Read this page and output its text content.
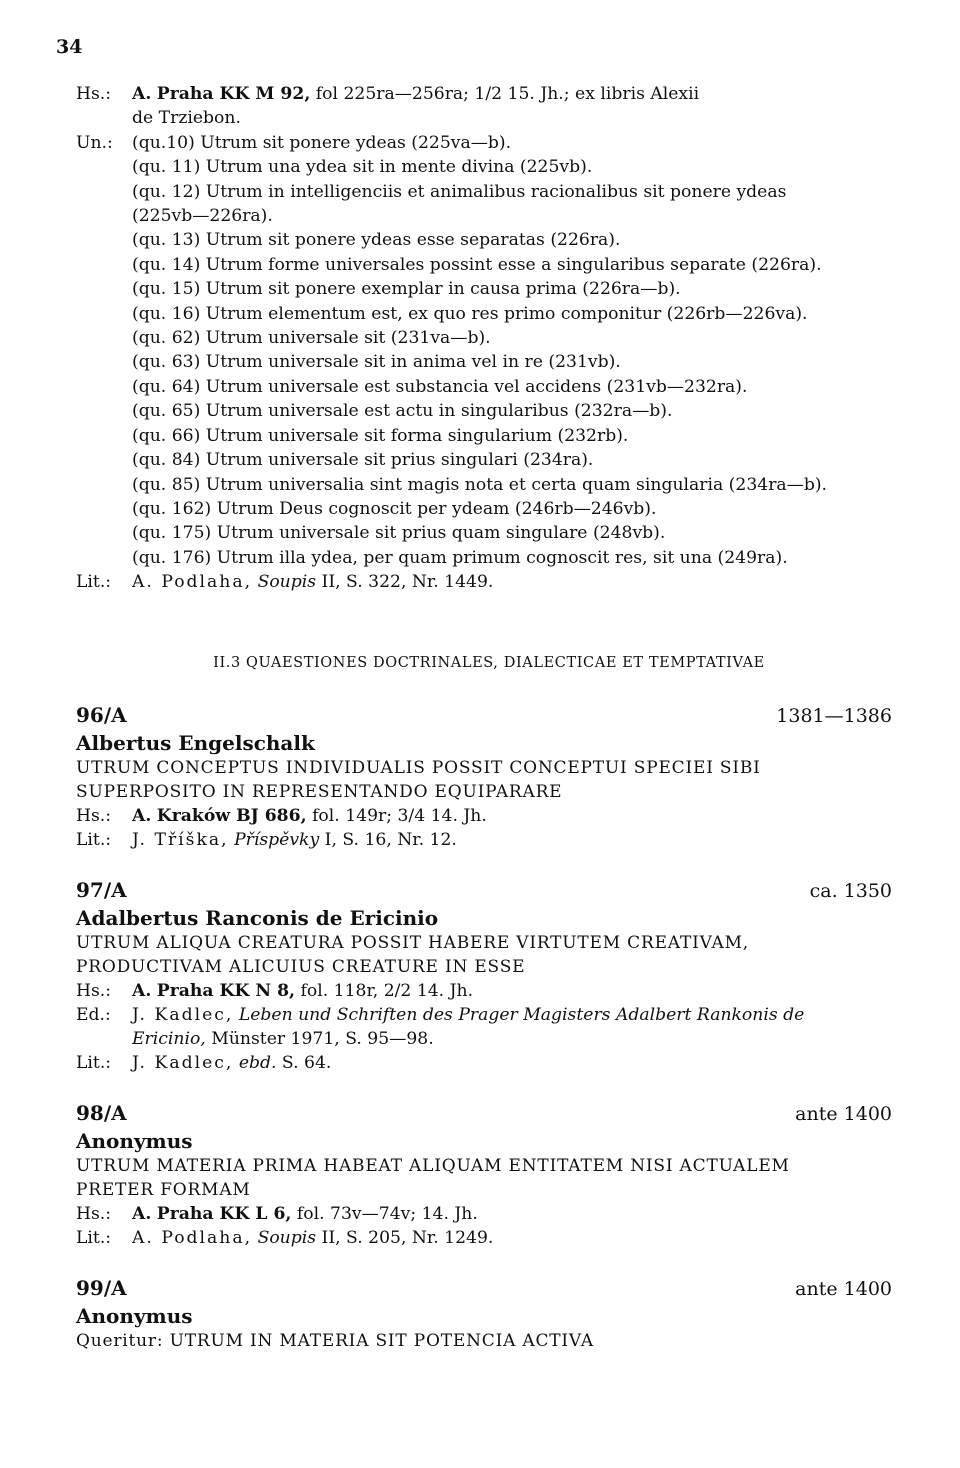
34
Hs.:	A. Praha KK M 92, fol 225ra—256ra; 1/2 15. Jh.; ex libris Alexii
de Trziebon.
Un.:	(qu.10) Utrum sit ponere ydeas (225va—b).
(qu. 11) Utrum una ydea sit in mente divina (225vb).
(qu. 12) Utrum in intelligenciis et animalibus racionalibus sit ponere ydeas
(225vb—226ra).
(qu. 13) Utrum sit ponere ydeas esse separatas (226ra).
(qu. 14) Utrum forme universales possint esse a singularibus separate (226ra).
(qu. 15) Utrum sit ponere exemplar in causa prima (226ra—b).
(qu. 16) Utrum elementum est, ex quo res primo componitur (226rb—226va).
(qu. 62) Utrum universale sit (231va—b).
(qu. 63) Utrum universale sit in anima vel in re (231vb).
(qu. 64) Utrum universale est substancia vel accidens (231vb—232ra).
(qu. 65) Utrum universale est actu in singularibus (232ra—b).
(qu. 66) Utrum universale sit forma singularium (232rb).
(qu. 84) Utrum universale sit prius singulari (234ra).
(qu. 85) Utrum universalia sint magis nota et certa quam singularia (234ra—b).
(qu. 162) Utrum Deus cognoscit per ydeam (246rb—246vb).
(qu. 175) Utrum universale sit prius quam singulare (248vb).
(qu. 176) Utrum illa ydea, per quam primum cognoscit res, sit una (249ra).
Lit.:	A. Podlaha, Soupis II, S. 322, Nr. 1449.
II.3 QUAESTIONES DOCTRINALES, DIALECTICAE ET TEMPTATIVAE
96/A	1381—1386
Albertus Engelschalk
UTRUM CONCEPTUS INDIVIDUALIS POSSIT CONCEPTUI SPECIEI SIBI
SUPERPOSITO IN REPRESENTANDO EQUIPARARE
Hs.:	A. Kraków BJ 686, fol. 149r; 3/4 14. Jh.
Lit.:	J. Tříška, Příspěvky I, S. 16, Nr. 12.
97/A	ca. 1350
Adalbertus Ranconis de Ericinio
UTRUM ALIQUA CREATURA POSSIT HABERE VIRTUTEM CREATIVAM,
PRODUCTIVAM ALICUIUS CREATURE IN ESSE
Hs.:	A. Praha KK N 8, fol. 118r, 2/2 14. Jh.
Ed.:	J. Kadlec, Leben und Schriften des Prager Magisters Adalbert Rankonis de
Ericinio, Münster 1971, S. 95—98.
Lit.:	J. Kadlec, ebd. S. 64.
98/A	ante 1400
Anonymus
UTRUM MATERIA PRIMA HABEAT ALIQUAM ENTITATEM NISI ACTUALEM
PRETER FORMAM
Hs.:	A. Praha KK L 6, fol. 73v—74v; 14. Jh.
Lit.:	A. Podlaha, Soupis II, S. 205, Nr. 1249.
99/A	ante 1400
Anonymus
Queritur: UTRUM IN MATERIA SIT POTENCIA ACTIVA
